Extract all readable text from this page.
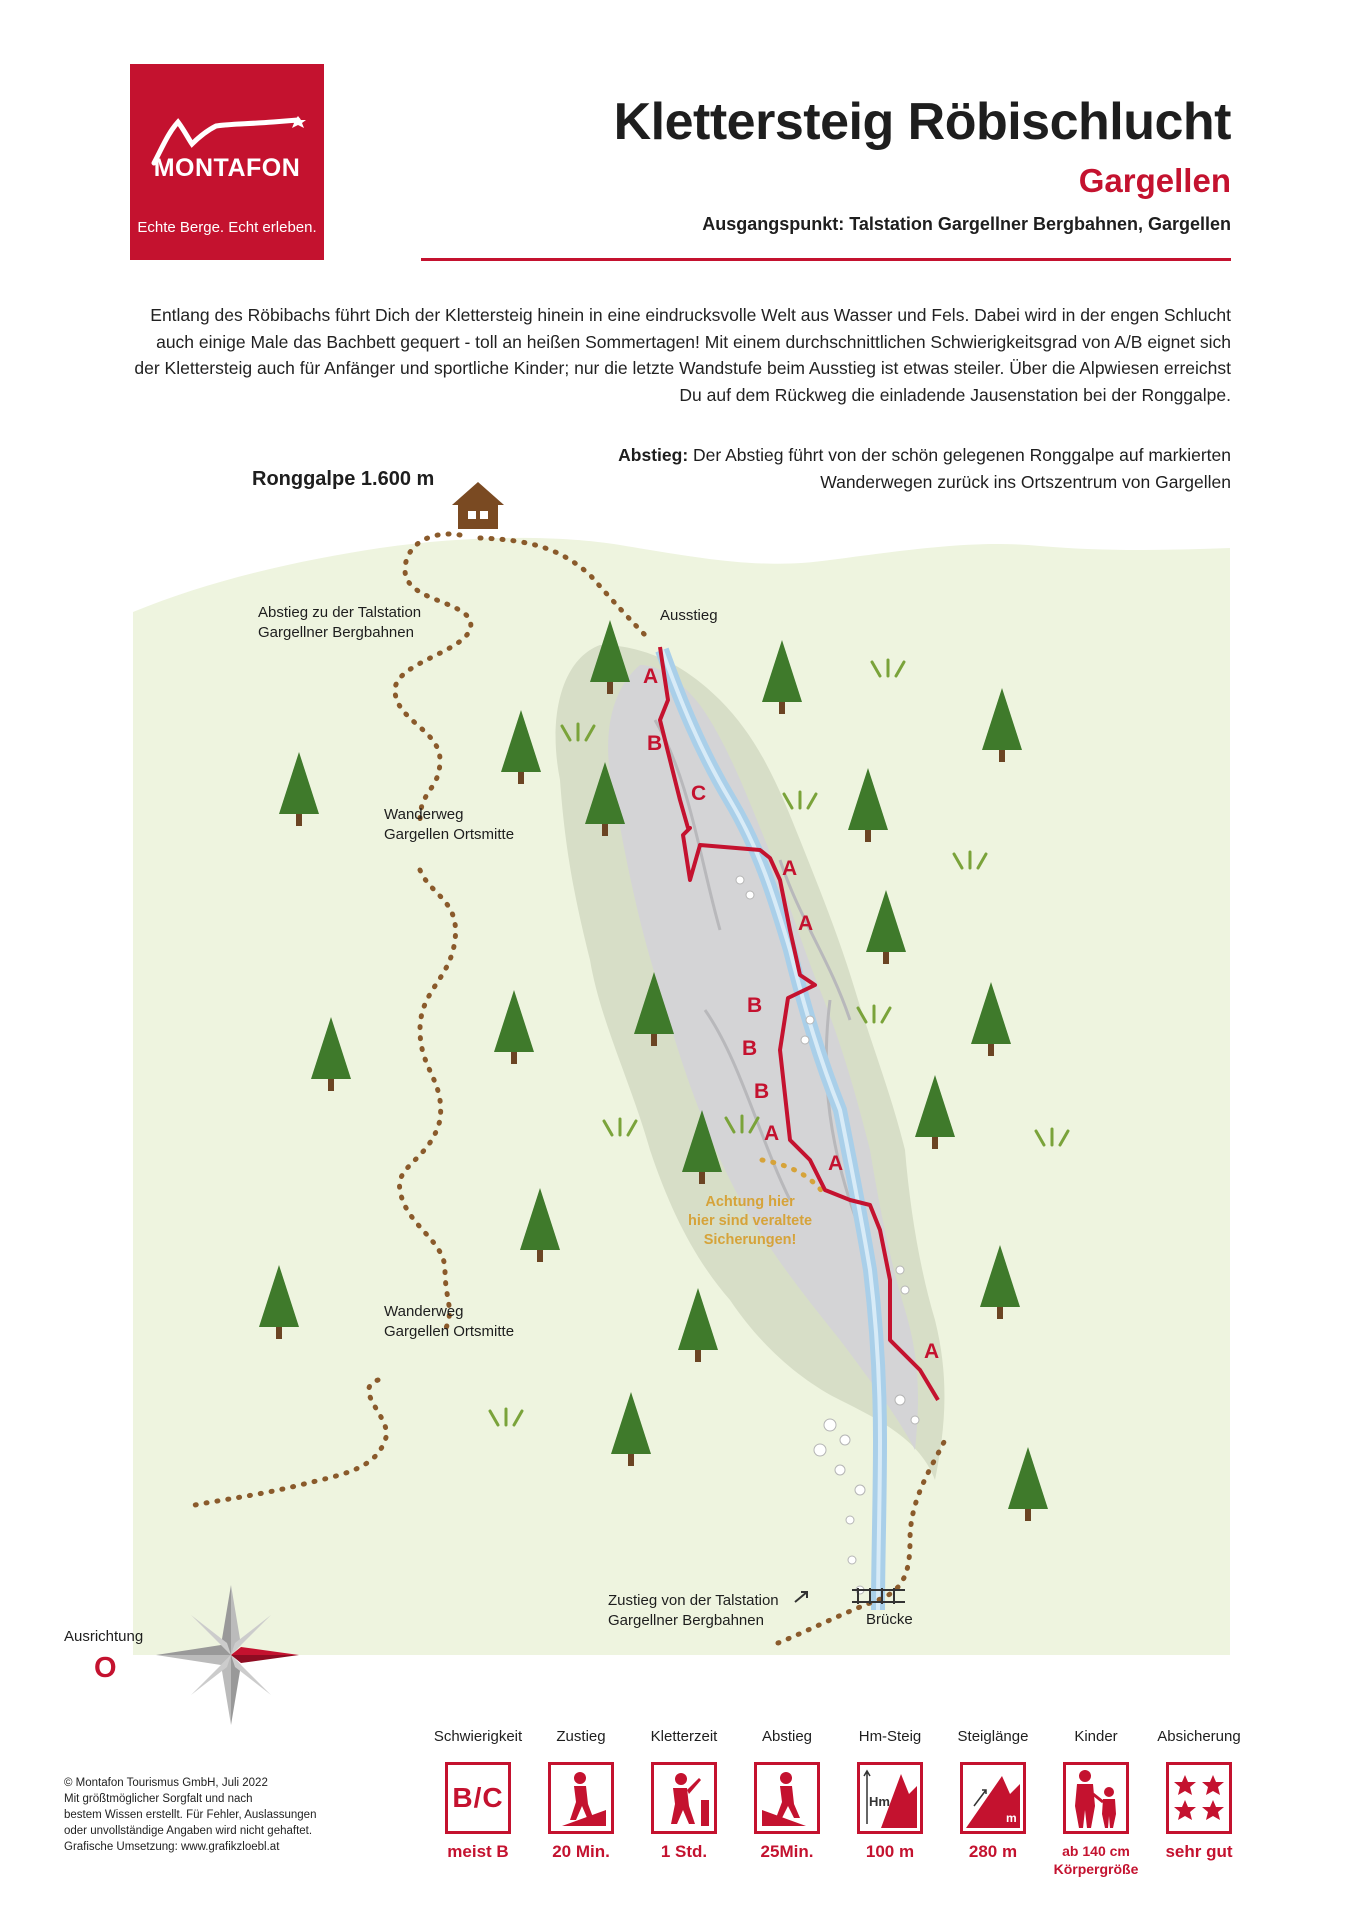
A
B
C
A
A
B
B
B
A
A
A
MONTAFON
Echte Berge. Echt erleben.
Klettersteig Röbischlucht
Gargellen
Ausgangspunkt: Talstation Gargellner Bergbahnen, Gargellen
Entlang des Röbibachs führt Dich der Klettersteig hinein in eine eindrucksvolle Welt aus Wasser und Fels. Dabei wird in der engen Schlucht auch einige Male das Bachbett gequert - toll an heißen Sommertagen! Mit einem durchschnittlichen Schwierigkeitsgrad von A/B eignet sich der Klettersteig auch für Anfänger und sportliche Kinder; nur die letzte Wandstufe beim Ausstieg ist etwas steiler. Über die Alpwiesen erreichst Du auf dem Rückweg die einladende Jausenstation bei der Ronggalpe.
Abstieg: Der Abstieg führt von der schön gelegenen Ronggalpe auf markierten Wanderwegen zurück ins Ortszentrum von Gargellen
Ronggalpe 1.600 m
Abstieg zu der Talstation
Gargellner Bergbahnen
Ausstieg
Wanderweg
Gargellen Ortsmitte
Wanderweg
Gargellen Ortsmitte
Zustieg von der Talstation
Gargellner Bergbahnen	Brücke
Achtung hier
hier sind veraltete
Sicherungen!
Ausrichtung
O
© Montafon Tourismus GmbH, Juli 2022
Mit größtmöglicher Sorgfalt und nach
bestem Wissen erstellt. Für Fehler, Auslassungen
oder unvollständige Angaben wird nicht gehaftet.
Grafische Umsetzung: www.grafikzloebl.at
Schwierigkeit
B/C
meist B
Zustieg
20 Min.
Kletterzeit
1 Std.
Abstieg
25Min.
Hm-Steig
Hm
100 m
Steiglänge
m
280 m
Kinder
ab 140 cm
Körpergröße
Absicherung
sehr gut
